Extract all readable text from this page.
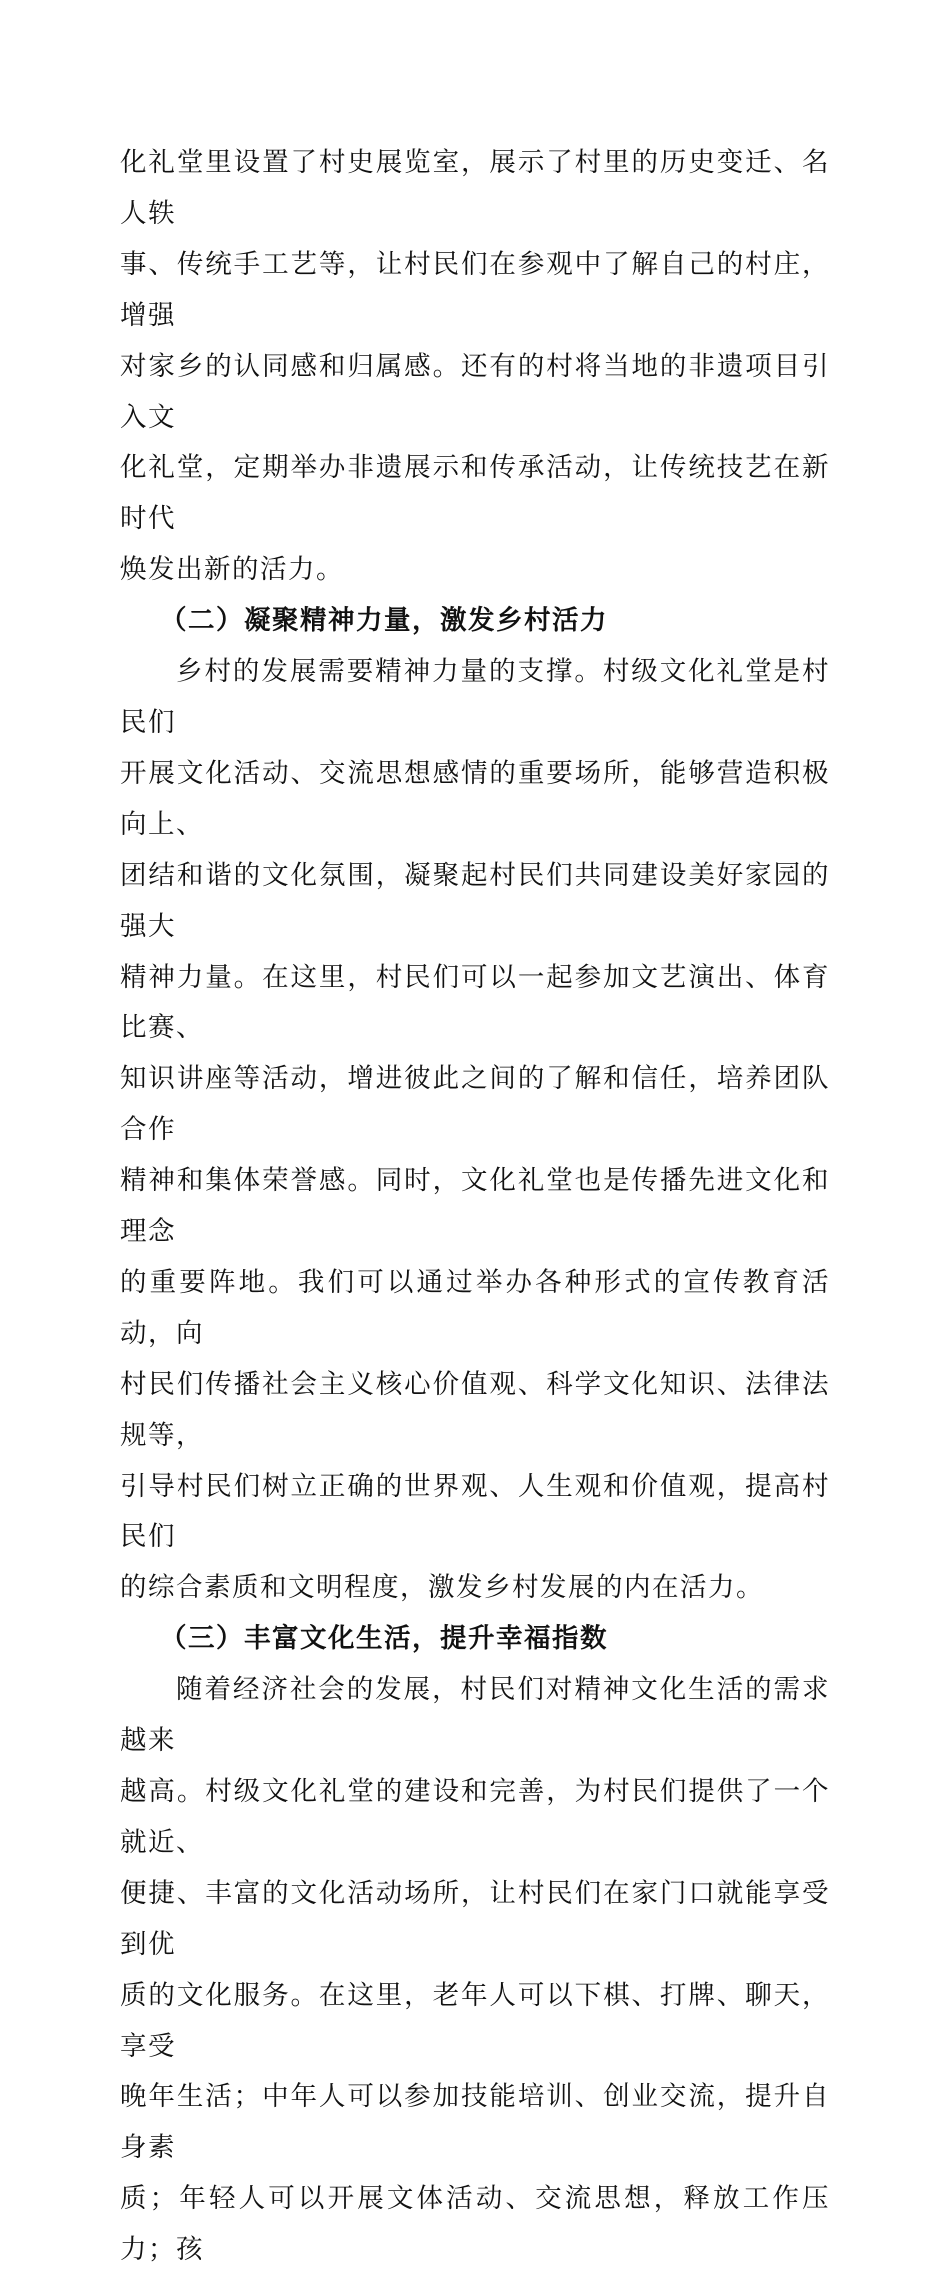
化礼堂里设置了村史展览室，展示了村里的历史变迁、名人轶
事、传统手工艺等，让村民们在参观中了解自己的村庄，增强
对家乡的认同感和归属感。还有的村将当地的非遗项目引入文
化礼堂，定期举办非遗展示和传承活动，让传统技艺在新时代
焕发出新的活力。

（二）凝聚精神力量，激发乡村活力

乡村的发展需要精神力量的支撑。村级文化礼堂是村民们
开展文化活动、交流思想感情的重要场所，能够营造积极向上、
团结和谐的文化氛围，凝聚起村民们共同建设美好家园的强大
精神力量。在这里，村民们可以一起参加文艺演出、体育比赛、
知识讲座等活动，增进彼此之间的了解和信任，培养团队合作
精神和集体荣誉感。同时，文化礼堂也是传播先进文化和理念
的重要阵地。我们可以通过举办各种形式的宣传教育活动，向
村民们传播社会主义核心价值观、科学文化知识、法律法规等，
引导村民们树立正确的世界观、人生观和价值观，提高村民们
的综合素质和文明程度，激发乡村发展的内在活力。

（三）丰富文化生活，提升幸福指数

随着经济社会的发展，村民们对精神文化生活的需求越来
越高。村级文化礼堂的建设和完善，为村民们提供了一个就近、
便捷、丰富的文化活动场所，让村民们在家门口就能享受到优
质的文化服务。在这里，老年人可以下棋、打牌、聊天，享受
晚年生活；中年人可以参加技能培训、创业交流，提升自身素
质；年轻人可以开展文体活动、交流思想，释放工作压力；孩
